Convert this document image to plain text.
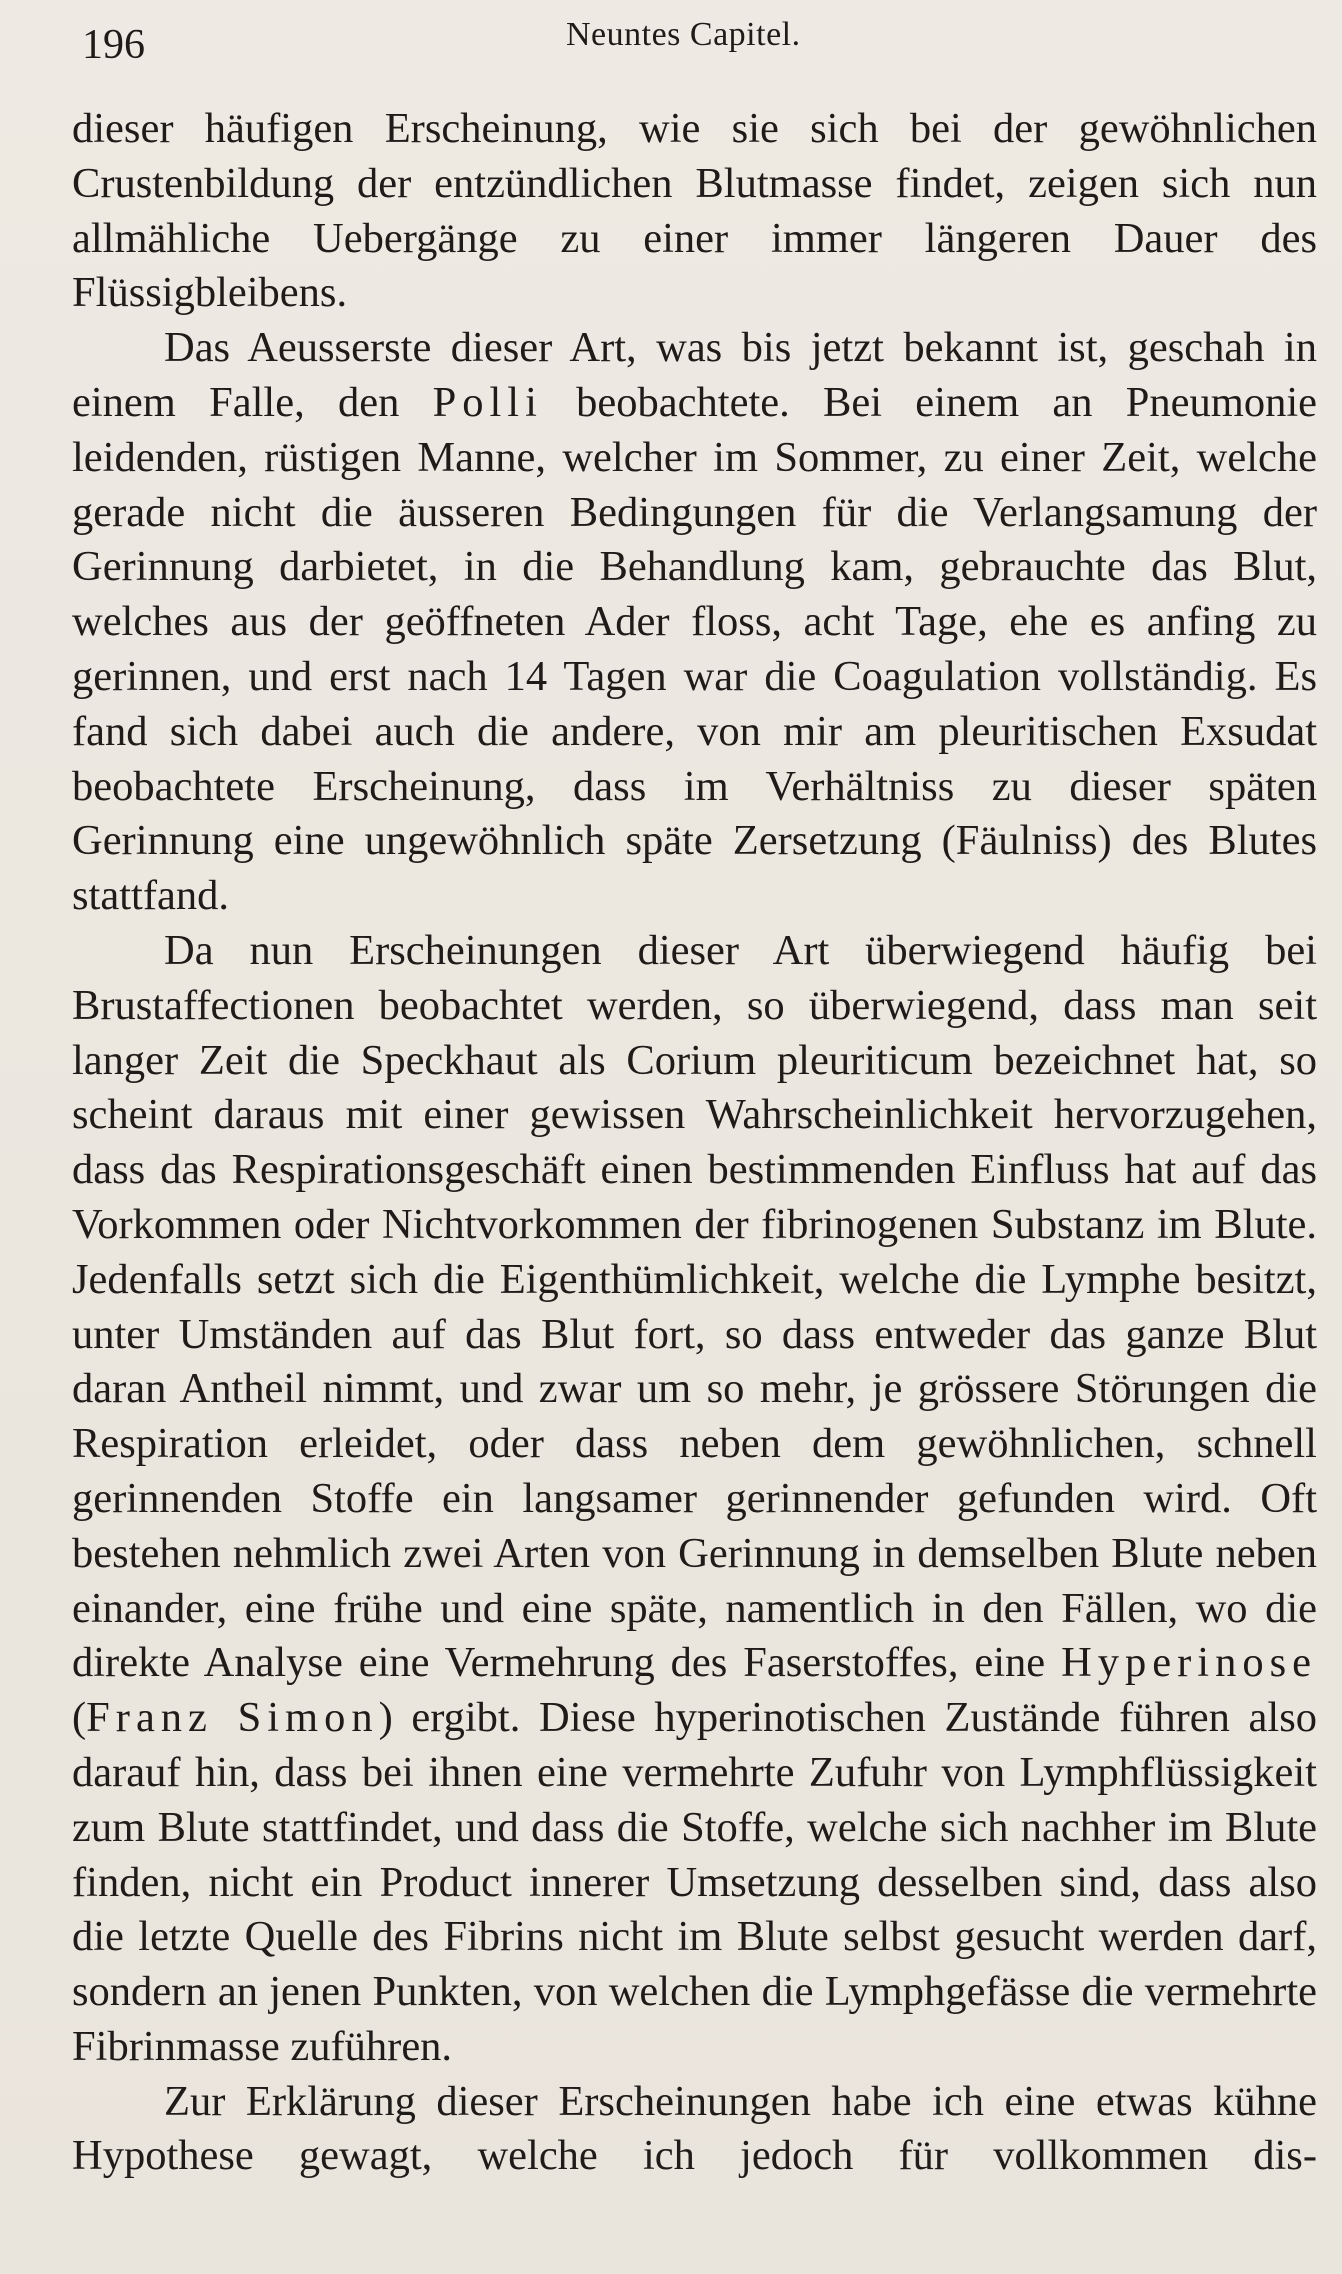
196	Neuntes Capitel.

dieser häufigen Erscheinung, wie sie sich bei der gewöhnlichen Crustenbildung der entzündlichen Blutmasse findet, zeigen sich nun allmähliche Uebergänge zu einer immer längeren Dauer des Flüssigbleibens.

Das Aeusserste dieser Art, was bis jetzt bekannt ist, geschah in einem Falle, den Polli beobachtete. Bei einem an Pneumonie leidenden, rüstigen Manne, welcher im Sommer, zu einer Zeit, welche gerade nicht die äusseren Bedingungen für die Verlangsamung der Gerinnung darbietet, in die Behandlung kam, gebrauchte das Blut, welches aus der geöffneten Ader floss, acht Tage, ehe es anfing zu gerinnen, und erst nach 14 Tagen war die Coagulation vollständig. Es fand sich dabei auch die andere, von mir am pleuritischen Exsudat beobachtete Erscheinung, dass im Verhältniss zu dieser späten Gerinnung eine ungewöhnlich späte Zersetzung (Fäulniss) des Blutes stattfand.

Da nun Erscheinungen dieser Art überwiegend häufig bei Brustaffectionen beobachtet werden, so überwiegend, dass man seit langer Zeit die Speckhaut als Corium pleuriticum bezeichnet hat, so scheint daraus mit einer gewissen Wahrscheinlichkeit hervorzugehen, dass das Respirationsgeschäft einen bestimmenden Einfluss hat auf das Vorkommen oder Nichtvorkommen der fibrinogenen Substanz im Blute. Jedenfalls setzt sich die Eigenthümlichkeit, welche die Lymphe besitzt, unter Umständen auf das Blut fort, so dass entweder das ganze Blut daran Antheil nimmt, und zwar um so mehr, je grössere Störungen die Respiration erleidet, oder dass neben dem gewöhnlichen, schnell gerinnenden Stoffe ein langsamer gerinnender gefunden wird. Oft bestehen nehmlich zwei Arten von Gerinnung in demselben Blute neben einander, eine frühe und eine späte, namentlich in den Fällen, wo die direkte Analyse eine Vermehrung des Faserstoffes, eine Hyperinose (Franz Simon) ergibt. Diese hyperinotischen Zustände führen also darauf hin, dass bei ihnen eine vermehrte Zufuhr von Lymphflüssigkeit zum Blute stattfindet, und dass die Stoffe, welche sich nachher im Blute finden, nicht ein Product innerer Umsetzung desselben sind, dass also die letzte Quelle des Fibrins nicht im Blute selbst gesucht werden darf, sondern an jenen Punkten, von welchen die Lymphgefässe die vermehrte Fibrinmasse zuführen.

Zur Erklärung dieser Erscheinungen habe ich eine etwas kühne Hypothese gewagt, welche ich jedoch für vollkommen dis-
